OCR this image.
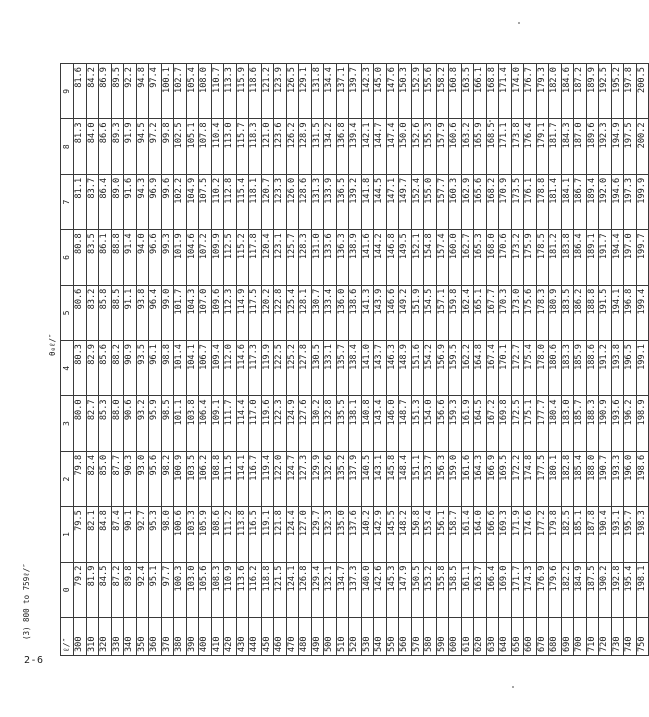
(3) 800 to 759ℓ/″
θ₀ℓ/″
ℓ/″	0	1	2	3	4	5	6	7	8	9
300	79.2	79.5	79.8	80.0	80.3	80.6	80.8	81.1	81.3	81.6
310	81.9	82.1	82.4	82.7	82.9	83.2	83.5	83.7	84.0	84.2
320	84.5	84.8	85.0	85.3	85.6	85.8	86.1	86.4	86.6	86.9
330	87.2	87.4	87.7	88.0	88.2	88.5	88.8	89.0	89.3	89.5
340	89.8	90.1	90.3	90.6	90.9	91.1	91.4	91.6	91.9	92.2
350	92.4	92.7	93.0	93.2	93.5	93.8	94.0	94.3	94.5	94.8
360	95.1	95.3	95.6	95.9	96.1	96.4	96.6	96.9	97.2	97.4
370	97.7	98.0	98.2	98.5	98.8	99.0	99.3	99.6	99.8	100.1
380	100.3	100.6	100.9	101.1	101.4	101.7	101.9	102.2	102.5	102.7
390	103.0	103.3	103.5	103.8	104.1	104.3	104.6	104.9	105.1	105.4
400	105.6	105.9	106.2	106.4	106.7	107.0	107.2	107.5	107.8	108.0
410	108.3	108.6	108.8	109.1	109.4	109.6	109.9	110.2	110.4	110.7
420	110.9	111.2	111.5	111.7	112.0	112.3	112.5	112.8	113.0	113.3
430	113.6	113.8	114.1	114.4	114.6	114.9	115.2	115.4	115.7	115.9
440	116.2	116.5	116.7	117.0	117.3	117.5	117.8	118.1	118.3	118.6
450	118.8	119.1	119.4	119.6	119.9	120.2	120.4	120.7	121.0	121.2
460	121.5	121.8	122.0	122.3	122.5	122.8	123.1	123.3	123.6	123.9
470	124.1	124.4	124.7	124.9	125.2	125.4	125.7	126.0	126.2	126.5
480	126.8	127.0	127.3	127.6	127.8	128.1	128.3	128.6	128.9	129.1
490	129.4	129.7	129.9	130.2	130.5	130.7	131.0	131.3	131.5	131.8
500	132.1	132.3	132.6	132.8	133.1	133.4	133.6	133.9	134.2	134.4
510	134.7	135.0	135.2	135.5	135.7	136.0	136.3	136.5	136.8	137.1
520	137.3	137.6	137.9	138.1	138.4	138.6	138.9	139.2	139.4	139.7
530	140.0	140.2	140.5	140.8	141.0	141.3	141.6	141.8	142.1	142.3
540	142.6	142.9	143.1	143.4	143.7	143.9	144.2	144.5	144.7	145.0
550	145.3	145.5	145.8	146.0	146.3	146.6	146.8	147.1	147.4	147.6
560	147.9	148.2	148.4	148.7	148.9	149.2	149.5	149.7	150.0	150.3
570	150.5	150.8	151.1	151.3	151.6	151.9	152.1	152.4	152.6	152.9
580	153.2	153.4	153.7	154.0	154.2	154.5	154.8	155.0	155.3	155.6
590	155.8	156.1	156.3	156.6	156.9	157.1	157.4	157.7	157.9	158.2
600	158.5	158.7	159.0	159.3	159.5	159.8	160.0	160.3	160.6	160.8
610	161.1	161.4	161.6	161.9	162.2	162.4	162.7	162.9	163.2	163.5
620	163.7	164.0	164.3	164.5	164.8	165.1	165.3	165.6	165.9	166.1
630	166.4	166.6	166.9	167.2	167.4	167.7	168.0	168.2	168.5	168.8
640	169.0	169.3	169.5	169.8	170.1	170.3	170.6	170.9	171.1	171.4
650	171.7	171.9	172.2	172.5	172.7	173.0	173.2	173.5	173.8	174.0
660	174.3	174.6	174.8	175.1	175.4	175.6	175.9	176.1	176.4	176.7
670	176.9	177.2	177.5	177.7	178.0	178.3	178.5	178.8	179.1	179.3
680	179.6	179.8	180.1	180.4	180.6	180.9	181.2	181.4	181.7	182.0
690	182.2	182.5	182.8	183.0	183.3	183.5	183.8	184.1	184.3	184.6
700	184.9	185.1	185.4	185.7	185.9	186.2	186.4	186.7	187.0	187.2
710	187.5	187.8	188.0	188.3	188.6	188.8	189.1	189.4	189.6	189.9
720	190.2	190.4	190.7	190.9	191.2	191.5	191.7	192.0	192.3	192.5
730	192.8	193.1	193.3	193.6	193.8	194.1	194.4	194.6	194.9	195.2
740	195.4	195.7	196.0	196.2	196.5	196.8	197.0	197.3	197.5	197.8
750	198.1	198.3	198.6	198.9	199.1	199.4	199.7	199.9	200.2	200.5
2-6
